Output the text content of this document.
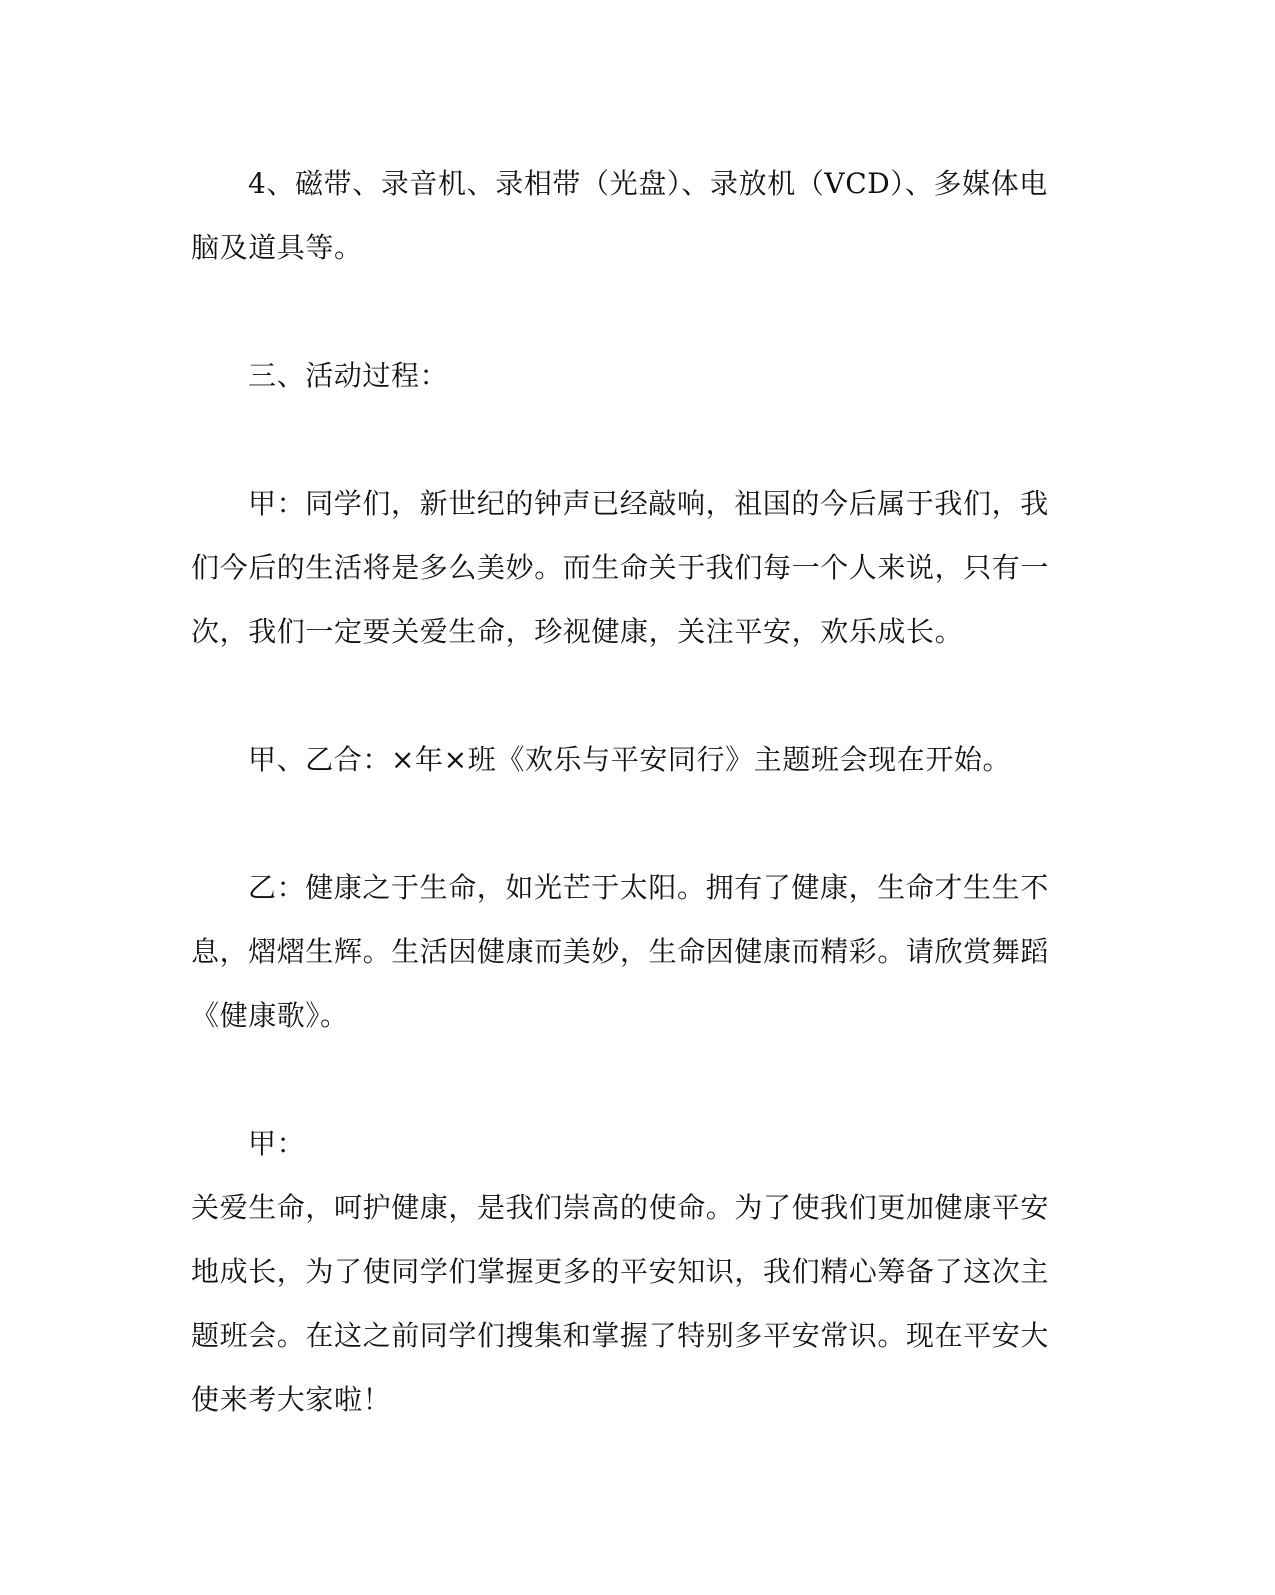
4、磁带、录音机、录相带（光盘）、录放机（VCD）、多媒体电
脑及道具等。
三、活动过程：
甲：同学们，新世纪的钟声已经敲响，祖国的今后属于我们，我
们今后的生活将是多么美妙。而生命关于我们每一个人来说，只有一
次，我们一定要关爱生命，珍视健康，关注平安，欢乐成长。
甲、乙合：×年×班《欢乐与平安同行》主题班会现在开始。
乙：健康之于生命，如光芒于太阳。拥有了健康，生命才生生不
息，熠熠生辉。生活因健康而美妙，生命因健康而精彩。请欣赏舞蹈
《健康歌》。
甲：
关爱生命，呵护健康，是我们崇高的使命。为了使我们更加健康平安
地成长，为了使同学们掌握更多的平安知识，我们精心筹备了这次主
题班会。在这之前同学们搜集和掌握了特别多平安常识。现在平安大
使来考大家啦！
